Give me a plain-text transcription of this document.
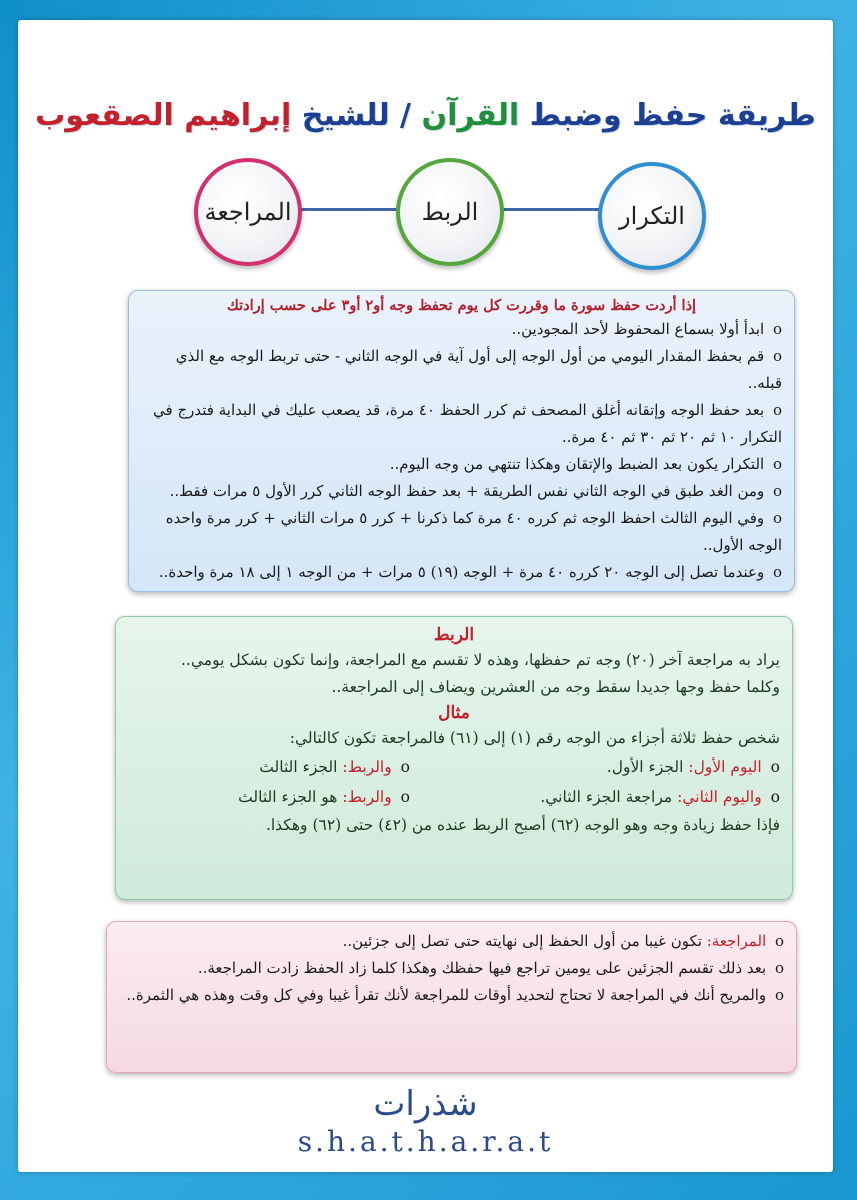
طريقة حفظ وضبط القرآن / للشيخ إبراهيم الصقعوب
المراجعة	الربط	التكرار

إذا أردت حفظ سورة ما وقررت كل يوم تحفظ وجه أو٢ أو٣ على حسب إرادتك

o ابدأ أولا بسماع المحفوظ لأحد المجودين..

o قم بحفظ المقدار اليومي من أول الوجه إلى أول آية في الوجه الثاني - حتى تربط الوجه مع الذي قبله..

o بعد حفظ الوجه وإتقانه أغلق المصحف ثم كرر الحفظ ٤٠ مرة، قد يصعب عليك في البداية فتدرج في التكرار ١٠ ثم ٢٠ ثم ٣٠ ثم ٤٠ مرة..

o التكرار يكون بعد الضبط والإتقان وهكذا تنتهي من وجه اليوم..

o ومن الغد طبق في الوجه الثاني نفس الطريقة + بعد حفظ الوجه الثاني كرر الأول ٥ مرات فقط..

o وفي اليوم الثالث احفظ الوجه ثم كرره ٤٠ مرة كما ذكرنا + كرر ٥ مرات الثاني + كرر مرة واحده الوجه الأول..

o وعندما تصل إلى الوجه ٢٠ كرره ٤٠ مرة + الوجه (١٩) ٥ مرات + من الوجه ١ إلى ١٨ مرة واحدة..

الربط

يراد به مراجعة آخر (٢٠) وجه تم حفظها، وهذه لا تقسم مع المراجعة، وإنما تكون بشكل يومي..

وكلما حفظ وجها جديدا سقط وجه من العشرين ويضاف إلى المراجعة..

مثال

شخص حفظ ثلاثة أجزاء من الوجه رقم (١) إلى (٦١) فالمراجعة تكون كالتالي:

o اليوم الأول: الجزء الأول.
o والربط: الجزء الثالث
o واليوم الثاني: مراجعة الجزء الثاني.
o والربط: هو الجزء الثالث

فإذا حفظ زيادة وجه وهو الوجه (٦٢) أصبح الربط عنده من (٤٢) حتى (٦٢) وهكذا.

o المراجعة: تكون غيبا من أول الحفظ إلى نهايته حتى تصل إلى جزئين..

o بعد ذلك تقسم الجزئين على يومين تراجع فيها حفظك وهكذا كلما زاد الحفظ زادت المراجعة..

o والمريح أنك في المراجعة لا تحتاج لتحديد أوقات للمراجعة لأنك تقرأ غيبا وفي كل وقت وهذه هي الثمرة..

شذرات
s.h.a.t.h.a.r.a.t
